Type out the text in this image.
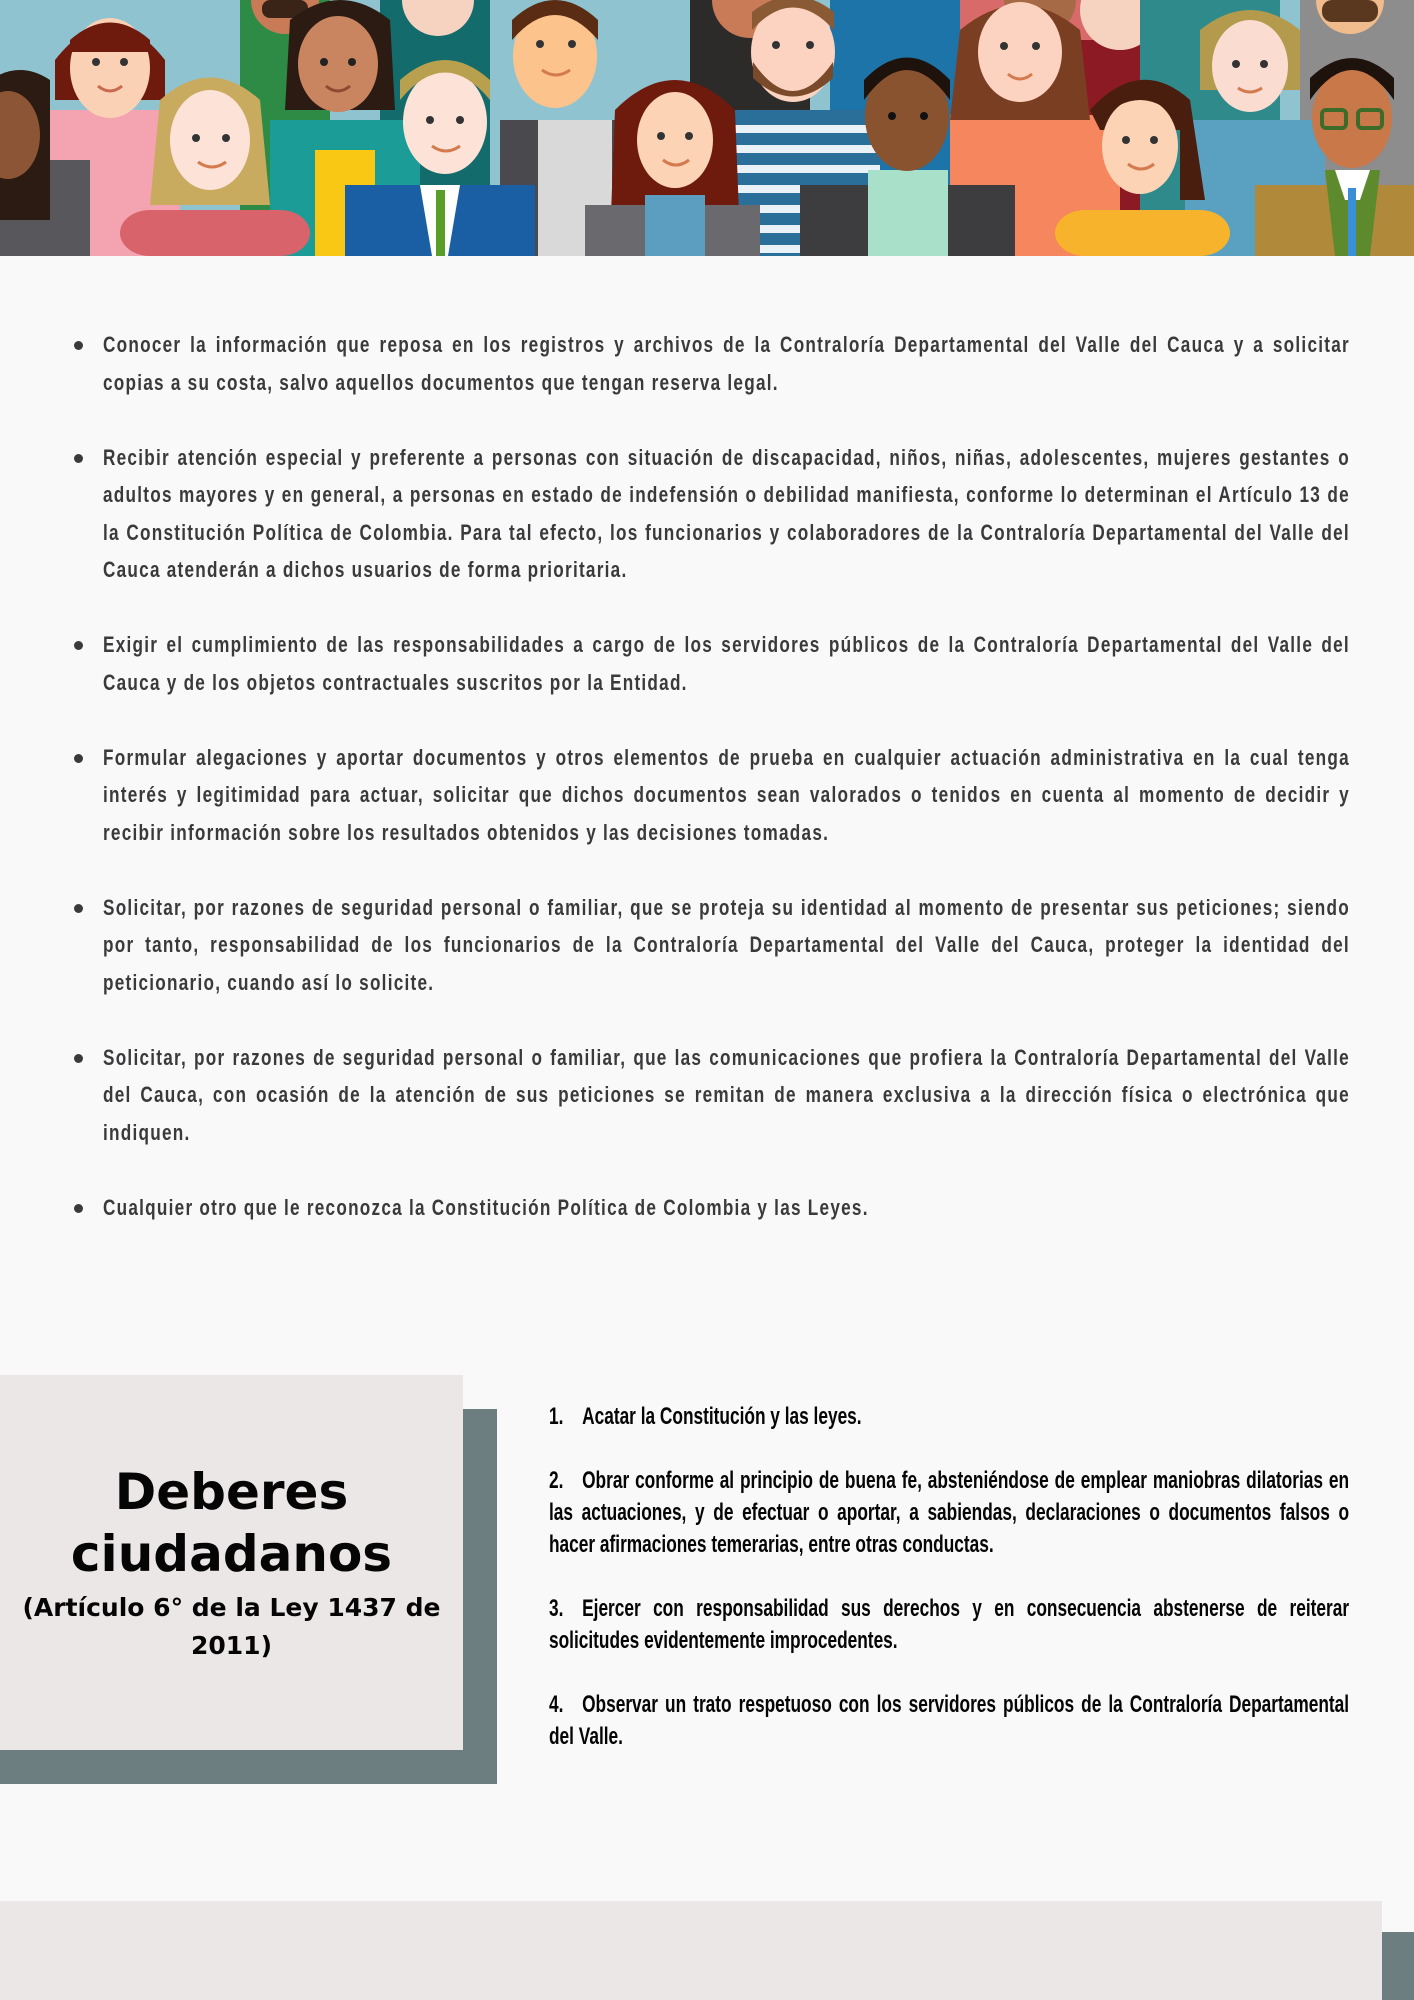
Conocer la información que reposa en los registros y archivos de la Contraloría Departamental del Valle del Cauca y a solicitar copias a su costa, salvo aquellos documentos que tengan reserva legal.
Recibir atención especial y preferente a personas con situación de discapacidad, niños, niñas, adolescentes, mujeres gestantes o adultos mayores y en general, a personas en estado de indefensión o debilidad manifiesta, conforme lo determinan el Artículo 13 de la Constitución Política de Colombia. Para tal efecto, los funcionarios y colaboradores de la Contraloría Departamental del Valle del Cauca atenderán a dichos usuarios de forma prioritaria.
Exigir el cumplimiento de las responsabilidades a cargo de los servidores públicos de la Contraloría Departamental del Valle del Cauca y de los objetos contractuales suscritos por la Entidad.
Formular alegaciones y aportar documentos y otros elementos de prueba en cualquier actuación administrativa en la cual tenga interés y legitimidad para actuar, solicitar que dichos documentos sean valorados o tenidos en cuenta al momento de decidir y recibir información sobre los resultados obtenidos y las decisiones tomadas.
Solicitar, por razones de seguridad personal o familiar, que se proteja su identidad al momento de presentar sus peticiones; siendo por tanto, responsabilidad de los funcionarios de la Contraloría Departamental del Valle del Cauca, proteger la identidad del peticionario, cuando así lo solicite.
Solicitar, por razones de seguridad personal o familiar, que las comunicaciones que profiera la Contraloría Departamental del Valle del Cauca, con ocasión de la atención de sus peticiones se remitan de manera exclusiva a la dirección física o electrónica que indiquen.
Cualquier otro que le reconozca la Constitución Política de Colombia y las Leyes.
Deberes
ciudadanos
(Artículo 6° de la Ley 1437 de 2011)
1. Acatar la Constitución y las leyes.
2. Obrar conforme al principio de buena fe, absteniéndose de emplear maniobras dilatorias en las actuaciones, y de efectuar o aportar, a sabiendas, declaraciones o documentos falsos o hacer afirmaciones temerarias, entre otras conductas.
3. Ejercer con responsabilidad sus derechos y en consecuencia abstenerse de reiterar solicitudes evidentemente improcedentes.
4. Observar un trato respetuoso con los servidores públicos de la Contraloría Departamental del Valle.
